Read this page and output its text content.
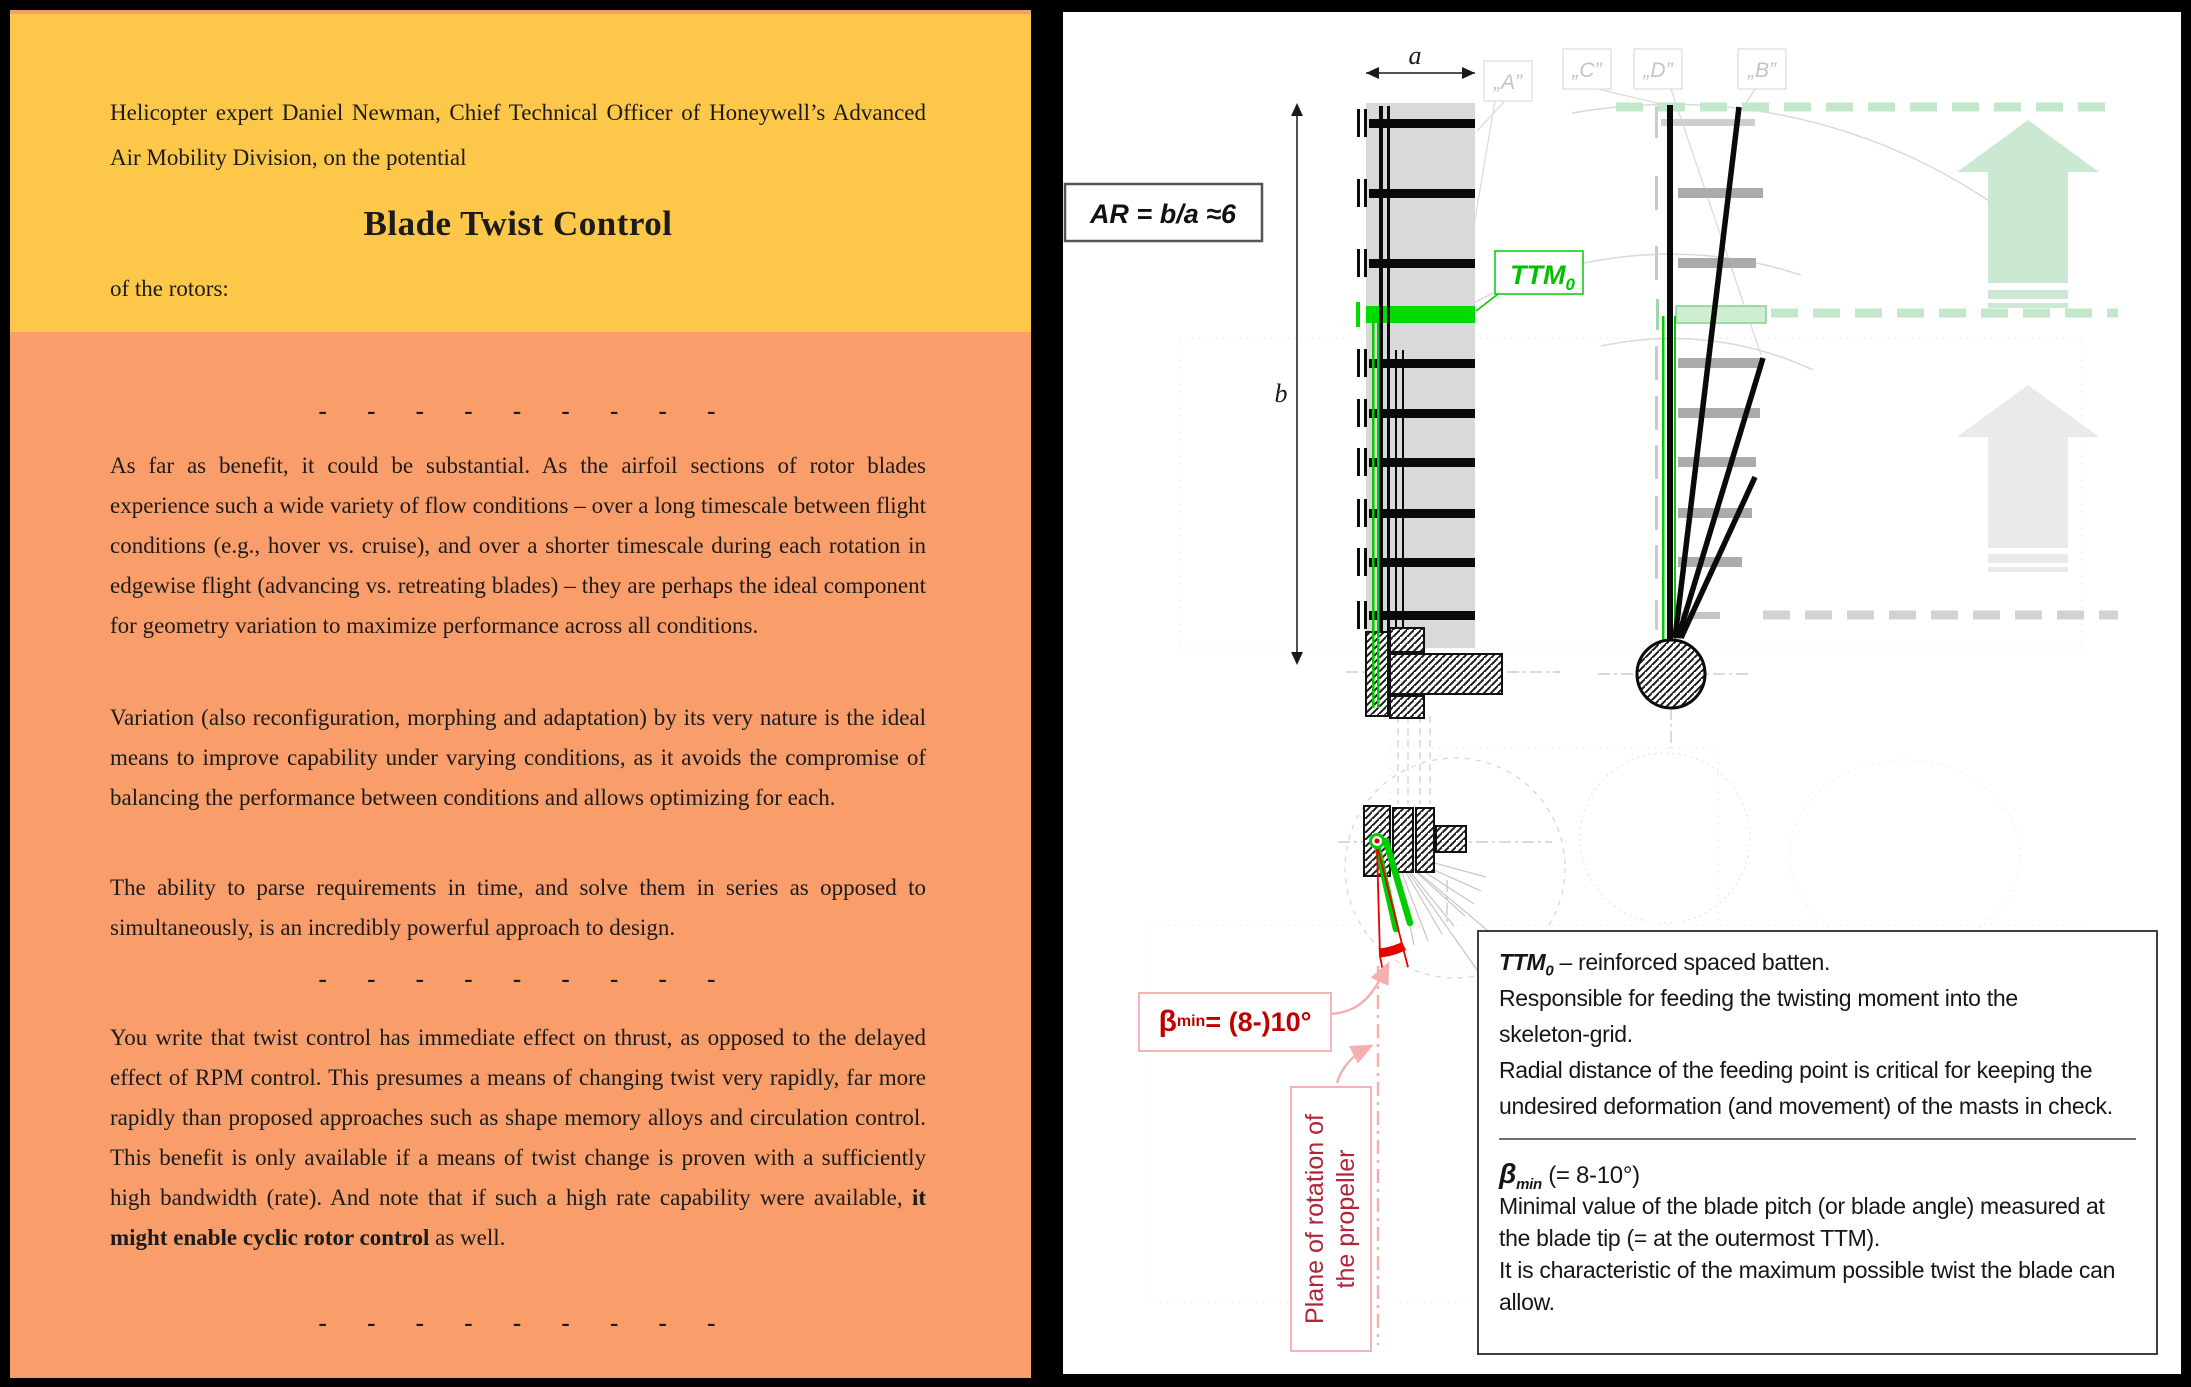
Helicopter expert Daniel Newman, Chief Technical Officer of Honeywell’s Advanced Air Mobility Division, on the potential
Blade Twist Control
of the rotors:
- - - - - - - - -
As far as benefit, it could be substantial. As the airfoil sections of rotor blades experience such a wide variety of flow conditions – over a long timescale between flight conditions (e.g., hover vs. cruise), and over a shorter timescale during each rotation in edgewise flight (advancing vs. retreating blades) – they are perhaps the ideal component for geometry variation to maximize performance across all conditions.
Variation (also reconfiguration, morphing and adaptation) by its very nature is the ideal means to improve capability under varying conditions, as it avoids the compromise of balancing the performance between conditions and allows optimizing for each.
The ability to parse requirements in time, and solve them in series as opposed to simultaneously, is an incredibly powerful approach to design.
- - - - - - - - -
You write that twist control has immediate effect on thrust, as opposed to the delayed effect of RPM control. This presumes a means of changing twist very rapidly, far more rapidly than proposed approaches such as shape memory alloys and circulation control. This benefit is only available if a means of twist change is proven with a sufficiently high bandwidth (rate). And note that if such a high rate capability were available, it might enable cyclic rotor control as well.
- - - - - - - - -
a
b
„A”
„C” „D”	„B”
AR = b/a ≈6
$TTM_0$
β min = (8-)10°
Plane of rotation of the propeller
$TTM_0$ – reinforced spaced batten.
Responsible for feeding the twisting moment into the
skeleton-grid.
Radial distance of the feeding point is critical for keeping the
undesired deformation (and movement) of the masts in check.
$\beta_{min}$ (= 8-10°)
Minimal value of the blade pitch (or blade angle) measured at
the blade tip (= at the outermost TTM).
It is characteristic of the maximum possible twist the blade can
allow.
